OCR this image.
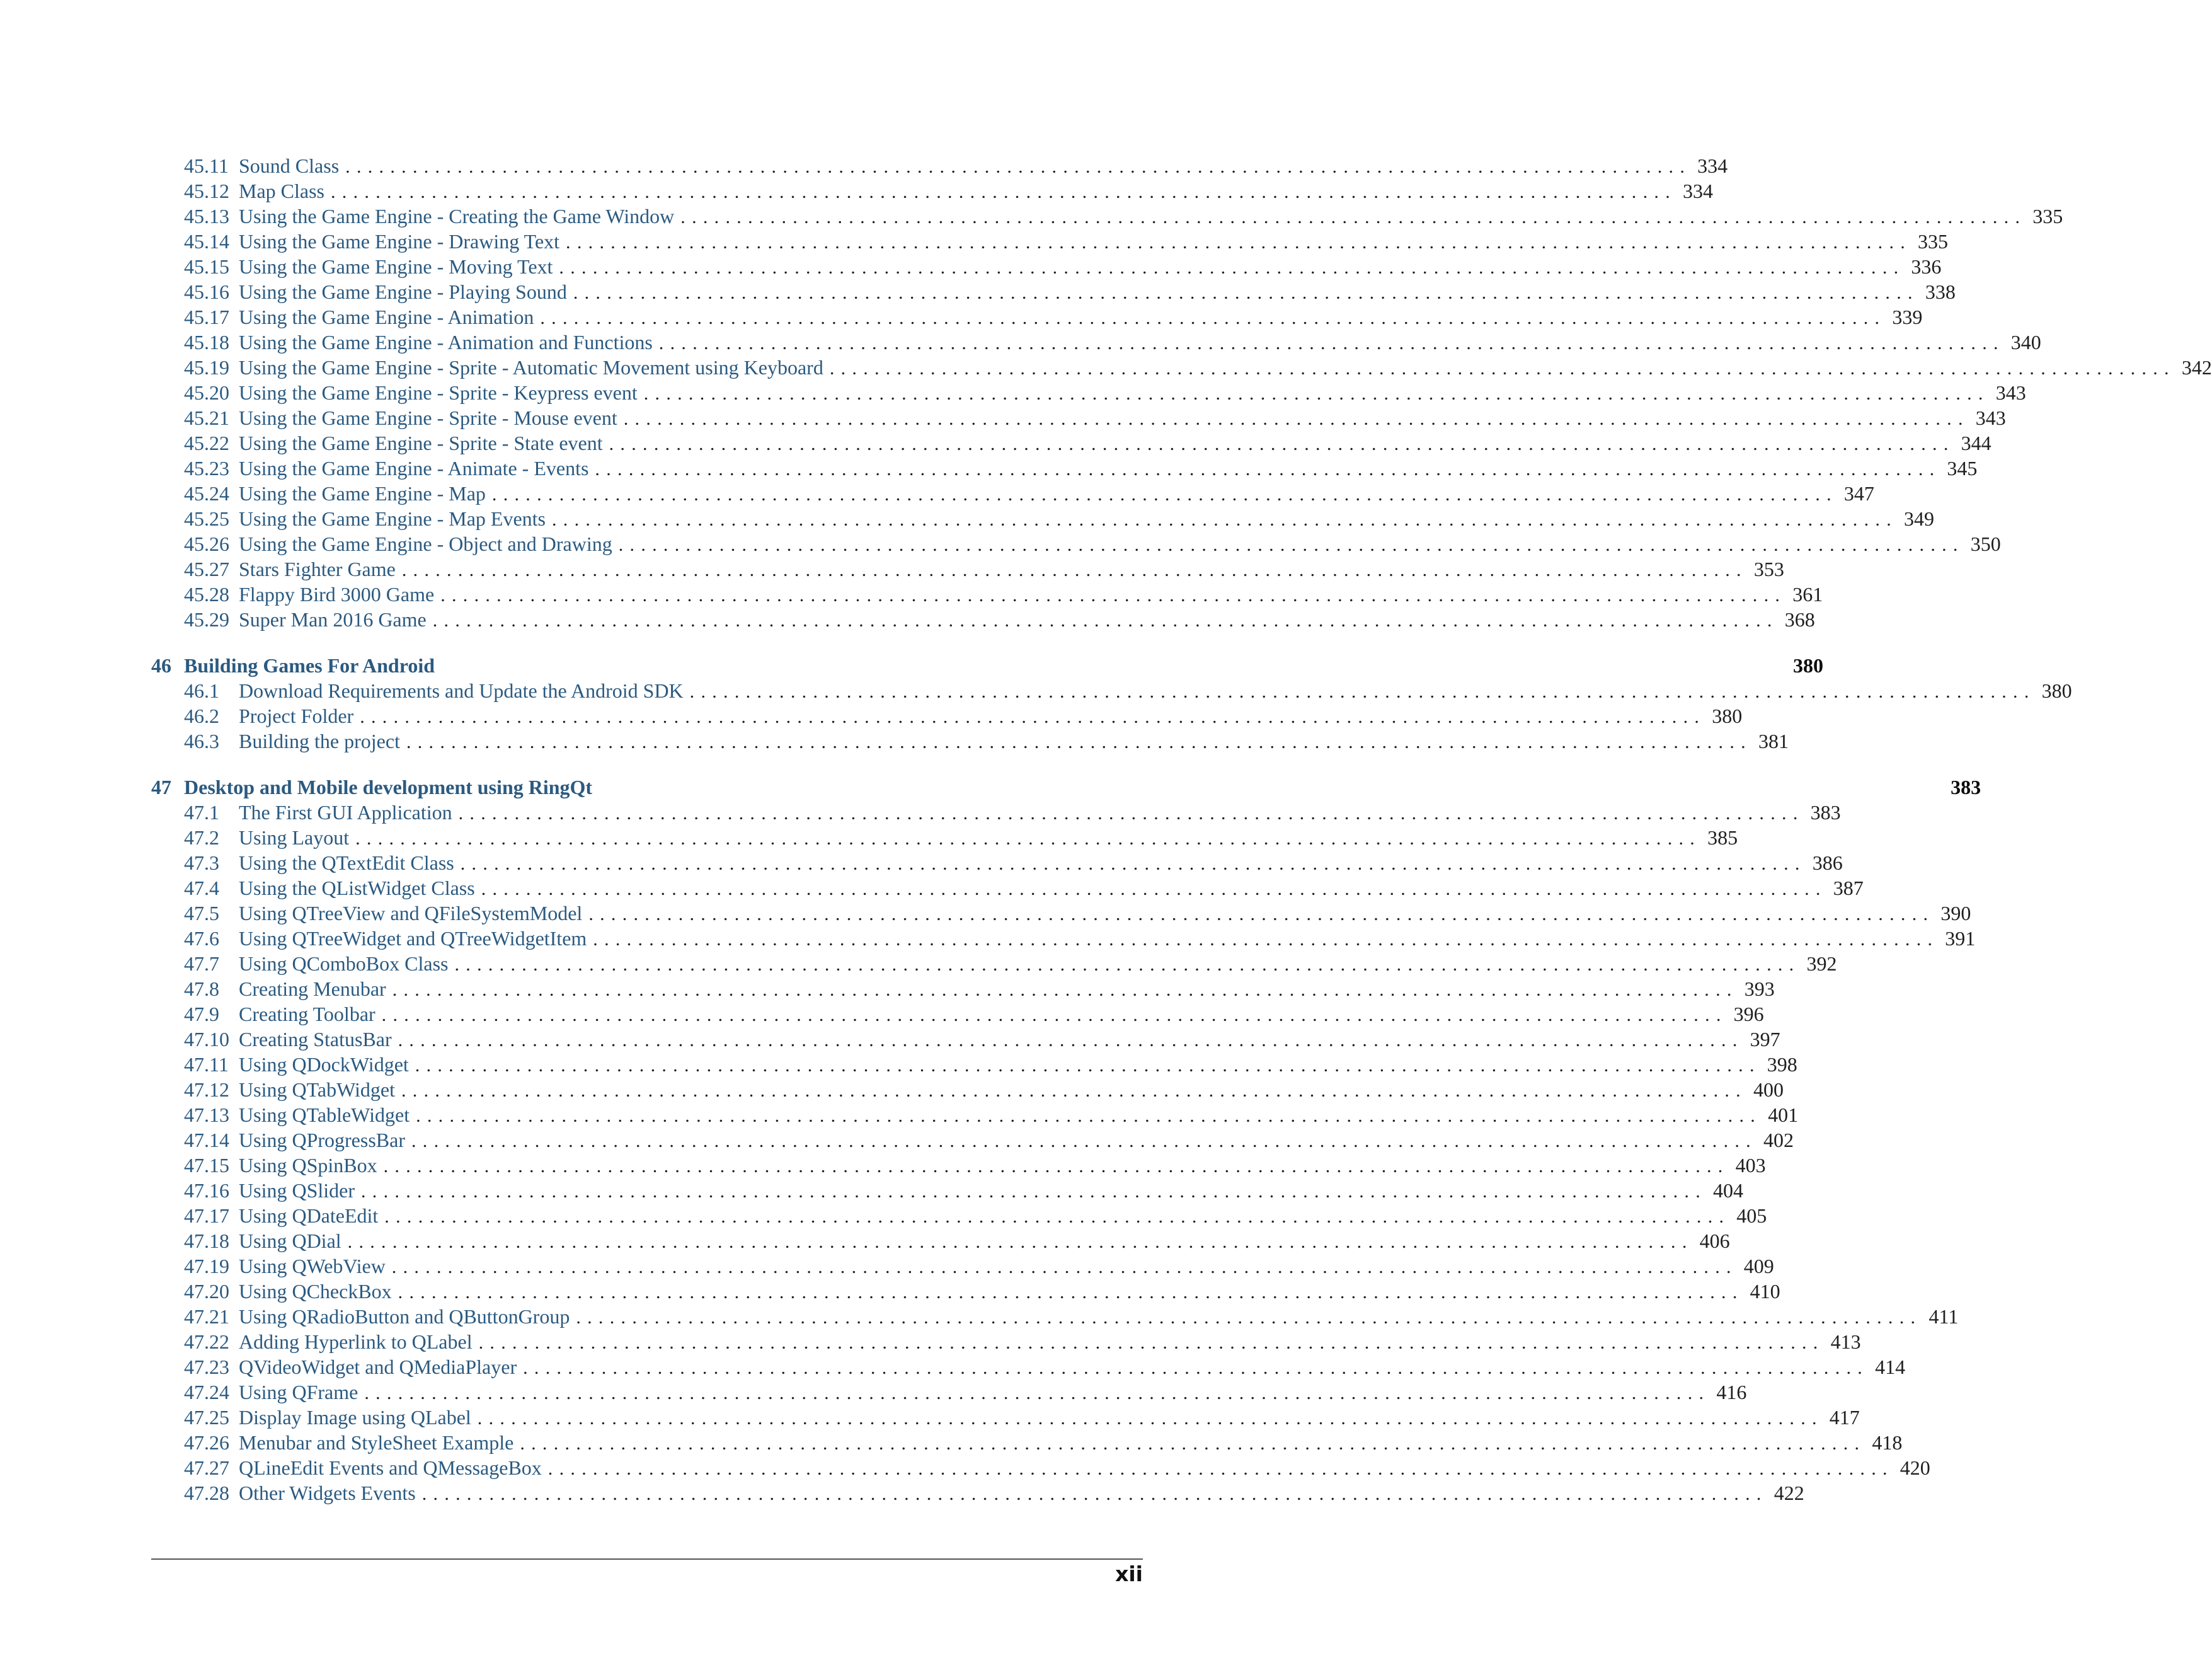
45.11 Sound Class ........................................................................................................................ 334
45.12 Map Class ........................................................................................................................ 334
45.13 Using the Game Engine - Creating the Game Window ........................................................................................................................ 335
45.14 Using the Game Engine - Drawing Text ........................................................................................................................ 335
45.15 Using the Game Engine - Moving Text ........................................................................................................................ 336
45.16 Using the Game Engine - Playing Sound ........................................................................................................................ 338
45.17 Using the Game Engine - Animation ........................................................................................................................ 339
45.18 Using the Game Engine - Animation and Functions ........................................................................................................................ 340
45.19 Using the Game Engine - Sprite - Automatic Movement using Keyboard ........................................................................................................................ 342
45.20 Using the Game Engine - Sprite - Keypress event ........................................................................................................................ 343
45.21 Using the Game Engine - Sprite - Mouse event ........................................................................................................................ 343
45.22 Using the Game Engine - Sprite - State event ........................................................................................................................ 344
45.23 Using the Game Engine - Animate - Events ........................................................................................................................ 345
45.24 Using the Game Engine - Map ........................................................................................................................ 347
45.25 Using the Game Engine - Map Events ........................................................................................................................ 349
45.26 Using the Game Engine - Object and Drawing ........................................................................................................................ 350
45.27 Stars Fighter Game ........................................................................................................................ 353
45.28 Flappy Bird 3000 Game ........................................................................................................................ 361
45.29 Super Man 2016 Game ........................................................................................................................ 368
46 Building Games For Android	380
46.1 Download Requirements and Update the Android SDK ........................................................................................................................ 380
46.2 Project Folder ........................................................................................................................ 380
46.3 Building the project ........................................................................................................................ 381
47 Desktop and Mobile development using RingQt	383
47.1 The First GUI Application ........................................................................................................................ 383
47.2 Using Layout ........................................................................................................................ 385
47.3 Using the QTextEdit Class ........................................................................................................................ 386
47.4 Using the QListWidget Class ........................................................................................................................ 387
47.5 Using QTreeView and QFileSystemModel ........................................................................................................................ 390
47.6 Using QTreeWidget and QTreeWidgetItem ........................................................................................................................ 391
47.7 Using QComboBox Class ........................................................................................................................ 392
47.8 Creating Menubar ........................................................................................................................ 393
47.9 Creating Toolbar ........................................................................................................................ 396
47.10 Creating StatusBar ........................................................................................................................ 397
47.11 Using QDockWidget ........................................................................................................................ 398
47.12 Using QTabWidget ........................................................................................................................ 400
47.13 Using QTableWidget ........................................................................................................................ 401
47.14 Using QProgressBar ........................................................................................................................ 402
47.15 Using QSpinBox ........................................................................................................................ 403
47.16 Using QSlider ........................................................................................................................ 404
47.17 Using QDateEdit ........................................................................................................................ 405
47.18 Using QDial ........................................................................................................................ 406
47.19 Using QWebView ........................................................................................................................ 409
47.20 Using QCheckBox ........................................................................................................................ 410
47.21 Using QRadioButton and QButtonGroup ........................................................................................................................ 411
47.22 Adding Hyperlink to QLabel ........................................................................................................................ 413
47.23 QVideoWidget and QMediaPlayer ........................................................................................................................ 414
47.24 Using QFrame ........................................................................................................................ 416
47.25 Display Image using QLabel ........................................................................................................................ 417
47.26 Menubar and StyleSheet Example ........................................................................................................................ 418
47.27 QLineEdit Events and QMessageBox ........................................................................................................................ 420
47.28 Other Widgets Events ........................................................................................................................ 422
xii
